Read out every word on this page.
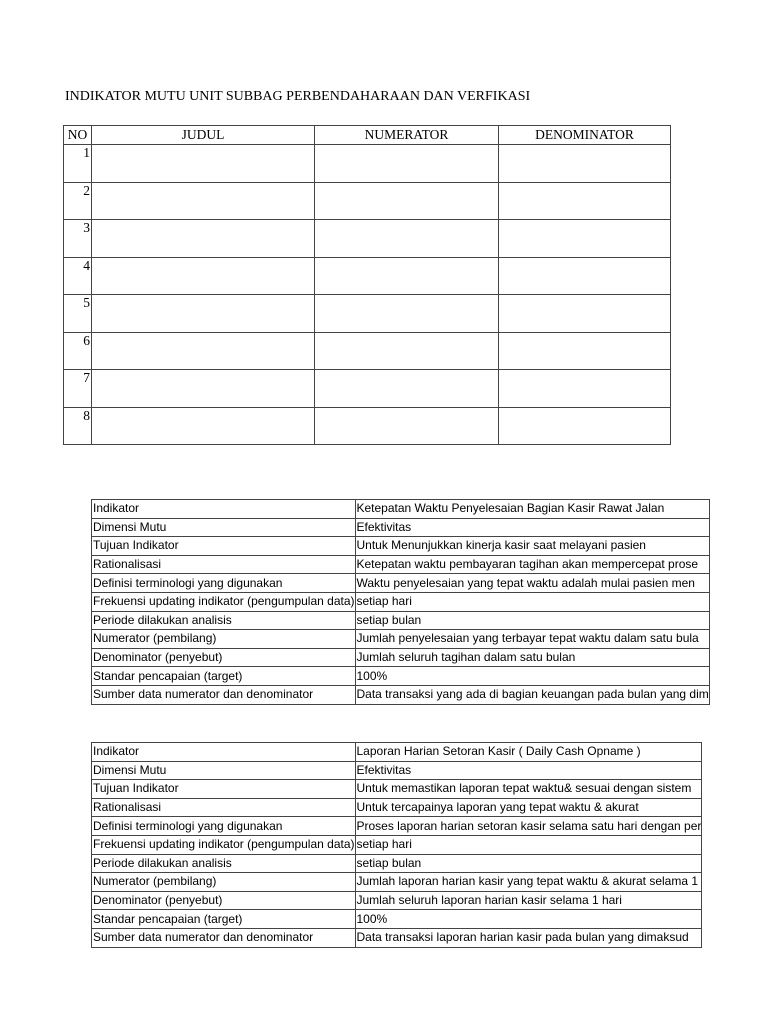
INDIKATOR MUTU UNIT SUBBAG PERBENDAHARAAN DAN VERFIKASI
NO	JUDUL	NUMERATOR	DENOMINATOR
1			
2			
3			
4			
5			
6			
7			
8			
Indikator	Ketepatan Waktu Penyelesaian Bagian Kasir Rawat Jalan
Dimensi Mutu	Efektivitas
Tujuan Indikator	Untuk Menunjukkan kinerja kasir saat melayani pasien
Rationalisasi	Ketepatan waktu pembayaran tagihan akan mempercepat prose
Definisi terminologi yang digunakan	Waktu penyelesaian yang tepat waktu adalah mulai pasien men
Frekuensi updating indikator (pengumpulan data)	setiap hari
Periode dilakukan analisis	setiap bulan
Numerator (pembilang)	Jumlah penyelesaian yang terbayar tepat waktu dalam satu bula
Denominator (penyebut)	Jumlah seluruh tagihan dalam satu bulan
Standar pencapaian (target)	100%
Sumber data numerator dan denominator	Data transaksi yang ada di bagian keuangan pada bulan yang dim
Indikator	Laporan Harian Setoran Kasir ( Daily Cash Opname )
Dimensi Mutu	Efektivitas
Tujuan Indikator	Untuk memastikan laporan tepat waktu& sesuai dengan sistem
Rationalisasi	Untuk tercapainya laporan yang tepat waktu & akurat
Definisi terminologi yang digunakan	Proses laporan harian setoran kasir selama satu hari dengan per
Frekuensi updating indikator (pengumpulan data)	setiap hari
Periode dilakukan analisis	setiap bulan
Numerator (pembilang)	Jumlah laporan harian kasir yang tepat waktu & akurat selama 1
Denominator (penyebut)	Jumlah seluruh laporan harian kasir selama 1 hari
Standar pencapaian (target)	100%
Sumber data numerator dan denominator	Data transaksi laporan harian kasir pada bulan yang dimaksud
